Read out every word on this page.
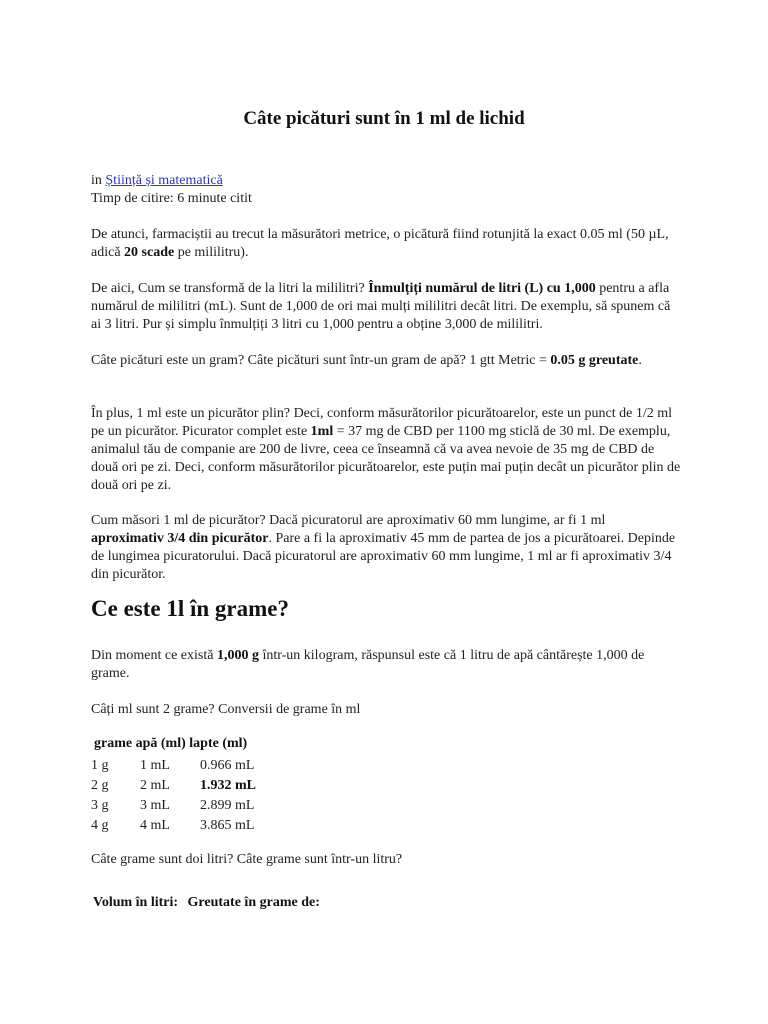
Câte picături sunt în 1 ml de lichid
in Știință și matematică
Timp de citire: 6 minute citit

De atunci, farmaciștii au trecut la măsurători metrice, o picătură fiind rotunjită la exact 0.05 ml (50 µL, adică 20 scade pe mililitru).

De aici, Cum se transformă de la litri la mililitri? Înmulțiți numărul de litri (L) cu 1,000 pentru a afla numărul de mililitri (mL). Sunt de 1,000 de ori mai mulți mililitri decât litri. De exemplu, să spunem că ai 3 litri. Pur și simplu înmulțiți 3 litri cu 1,000 pentru a obține 3,000 de mililitri.

Câte picături este un gram? Câte picături sunt într-un gram de apă? 1 gtt Metric = 0.05 g greutate.

În plus, 1 ml este un picurător plin? Deci, conform măsurătorilor picurătoarelor, este un punct de 1/2 ml pe un picurător. Picurator complet este 1ml = 37 mg de CBD per 1100 mg sticlă de 30 ml. De exemplu, animalul tău de companie are 200 de livre, ceea ce înseamnă că va avea nevoie de 35 mg de CBD de două ori pe zi. Deci, conform măsurătorilor picurătoarelor, este puțin mai puțin decât un picurător plin de două ori pe zi.

Cum măsori 1 ml de picurător? Dacă picuratorul are aproximativ 60 mm lungime, ar fi 1 ml aproximativ 3/4 din picurător. Pare a fi la aproximativ 45 mm de partea de jos a picurătoarei. Depinde de lungimea picuratorului. Dacă picuratorul are aproximativ 60 mm lungime, 1 ml ar fi aproximativ 3/4 din picurător.

Ce este 1l în grame?

Din moment ce există 1,000 g într-un kilogram, răspunsul este că 1 litru de apă cântărește 1,000 de grame.

Câți ml sunt 2 grame? Conversii de grame în ml

grame apă (ml) lapte (ml)		
1 g	1 mL	0.966 mL
2 g	2 mL	1.932 mL
3 g	3 mL	2.899 mL
4 g	4 mL	3.865 mL

Câte grame sunt doi litri? Câte grame sunt într-un litru?

Volum în litri: Greutate în grame de:
